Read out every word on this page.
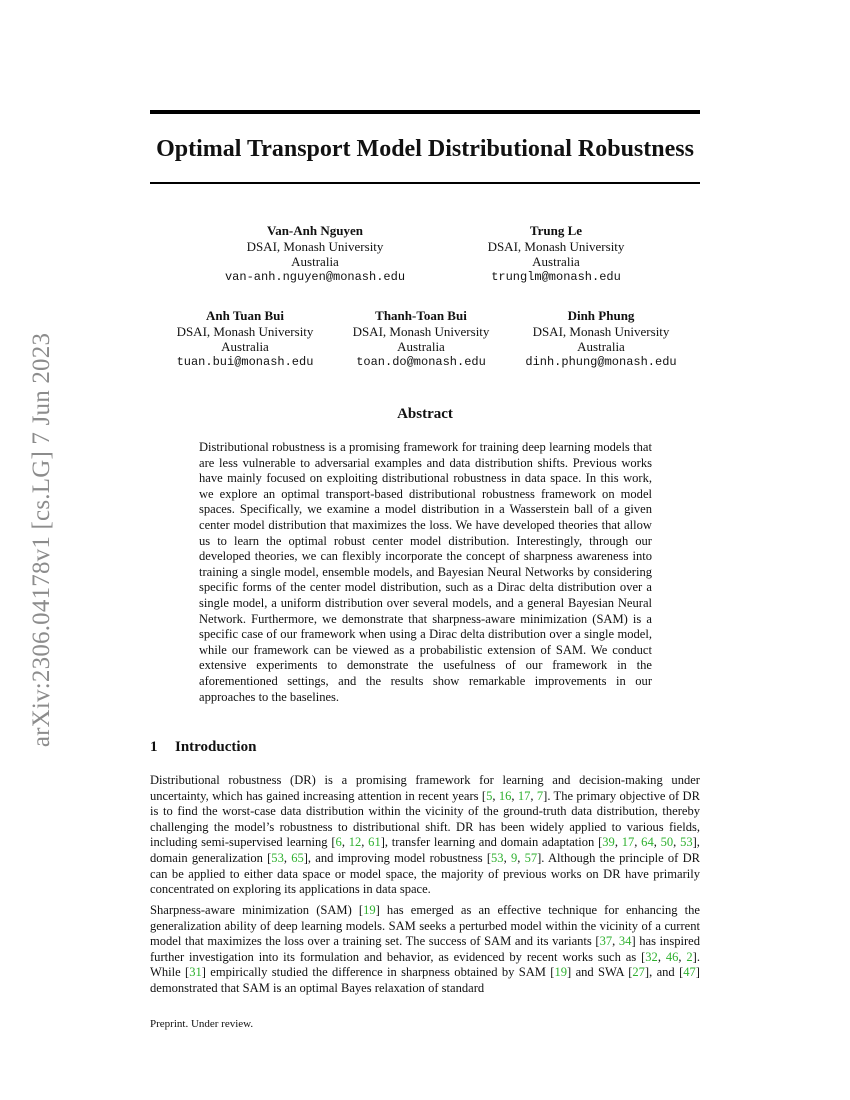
arXiv:2306.04178v1 [cs.LG] 7 Jun 2023
Optimal Transport Model Distributional Robustness
Van-Anh Nguyen
DSAI, Monash University
Australia
van-anh.nguyen@monash.edu
Trung Le
DSAI, Monash University
Australia
trunglm@monash.edu
Anh Tuan Bui
DSAI, Monash University
Australia
tuan.bui@monash.edu
Thanh-Toan Bui
DSAI, Monash University
Australia
toan.do@monash.edu
Dinh Phung
DSAI, Monash University
Australia
dinh.phung@monash.edu
Abstract

Distributional robustness is a promising framework for training deep learning models that are less vulnerable to adversarial examples and data distribution shifts. Previous works have mainly focused on exploiting distributional robustness in data space. In this work, we explore an optimal transport-based distributional robustness framework on model spaces. Specifically, we examine a model distribution in a Wasserstein ball of a given center model distribution that maximizes the loss. We have developed theories that allow us to learn the optimal robust center model distribution. Interestingly, through our developed theories, we can flexibly incorporate the concept of sharpness awareness into training a single model, ensemble models, and Bayesian Neural Networks by considering specific forms of the center model distribution, such as a Dirac delta distribution over a single model, a uniform distribution over several models, and a general Bayesian Neural Network. Furthermore, we demonstrate that sharpness-aware minimization (SAM) is a specific case of our framework when using a Dirac delta distribution over a single model, while our framework can be viewed as a probabilistic extension of SAM. We conduct extensive experiments to demonstrate the usefulness of our framework in the aforementioned settings, and the results show remarkable improvements in our approaches to the baselines.

1 Introduction

Distributional robustness (DR) is a promising framework for learning and decision-making under uncertainty, which has gained increasing attention in recent years [5, 16, 17, 7]. The primary objective of DR is to find the worst-case data distribution within the vicinity of the ground-truth data distribution, thereby challenging the model’s robustness to distributional shift. DR has been widely applied to various fields, including semi-supervised learning [6, 12, 61], transfer learning and domain adaptation [39, 17, 64, 50, 53], domain generalization [53, 65], and improving model robustness [53, 9, 57]. Although the principle of DR can be applied to either data space or model space, the majority of previous works on DR have primarily concentrated on exploring its applications in data space.

Sharpness-aware minimization (SAM) [19] has emerged as an effective technique for enhancing the generalization ability of deep learning models. SAM seeks a perturbed model within the vicinity of a current model that maximizes the loss over a training set. The success of SAM and its variants [37, 34] has inspired further investigation into its formulation and behavior, as evidenced by recent works such as [32, 46, 2]. While [31] empirically studied the difference in sharpness obtained by SAM [19] and SWA [27], and [47] demonstrated that SAM is an optimal Bayes relaxation of standard

Preprint. Under review.
